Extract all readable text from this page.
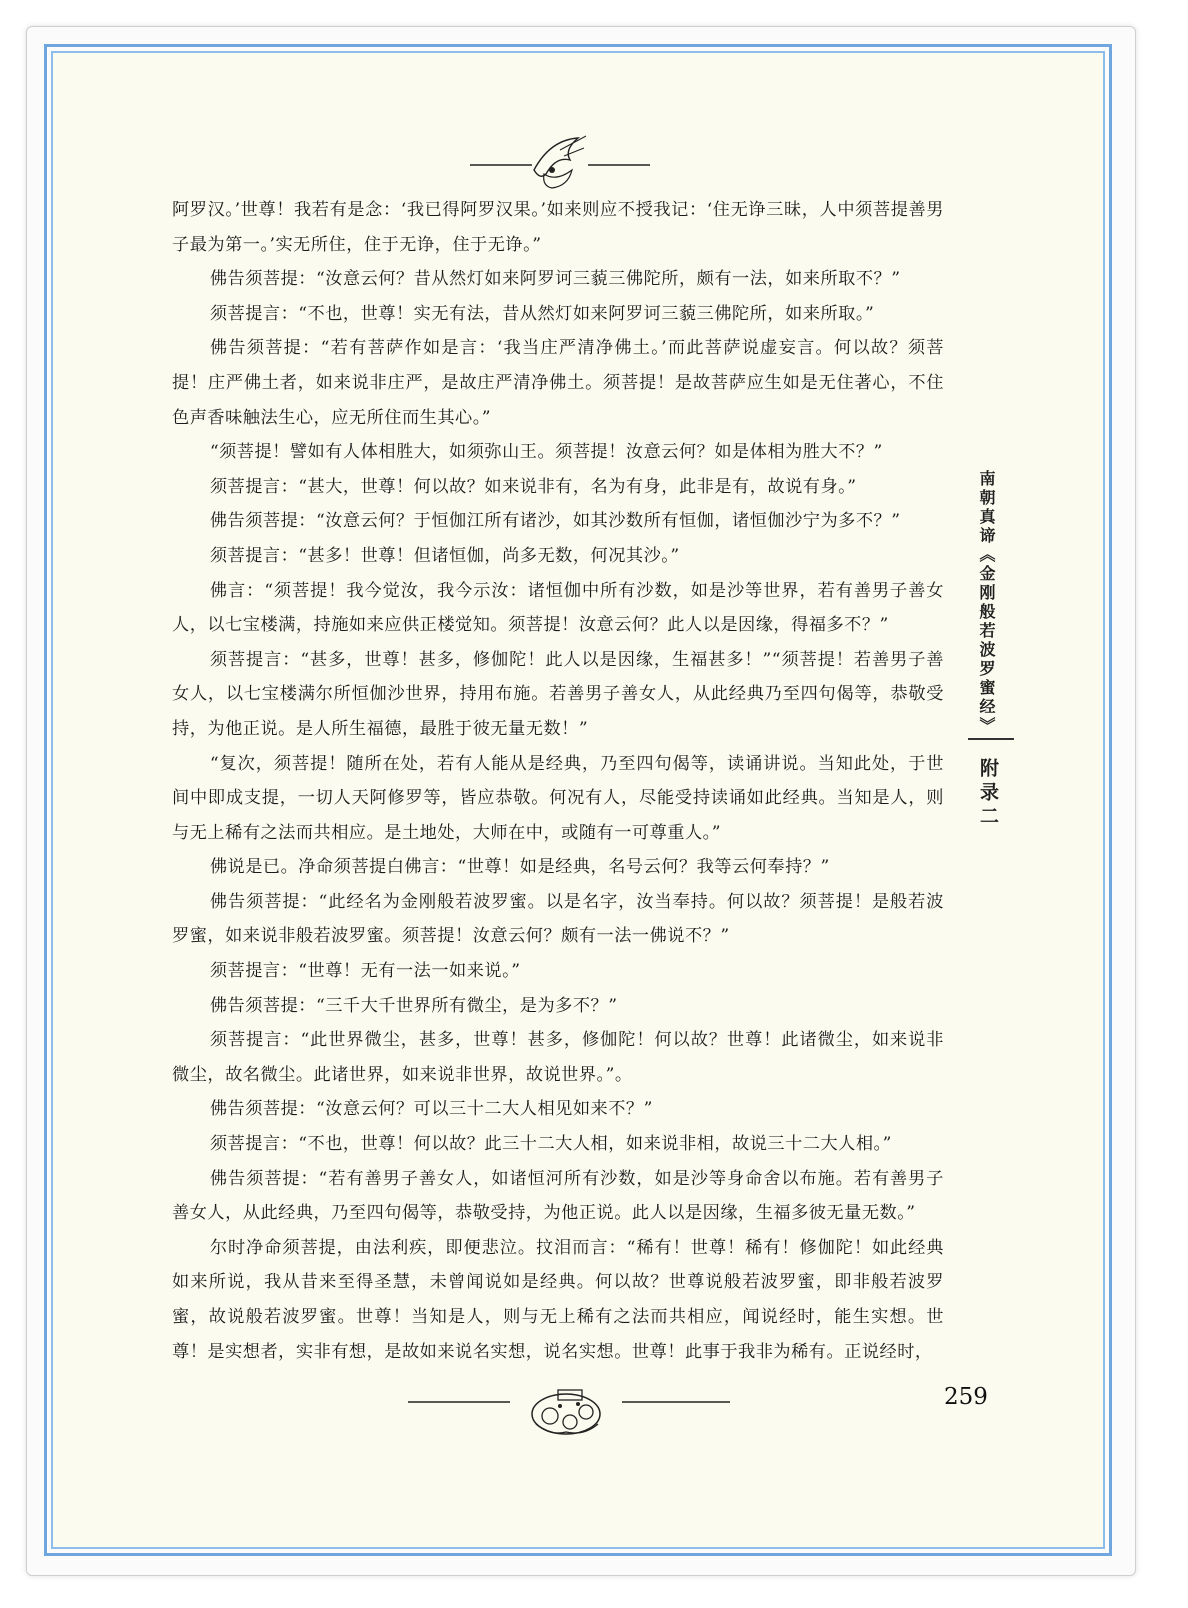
阿罗汉。’世尊！我若有是念：‘我已得阿罗汉果。’如来则应不授我记：‘住无诤三昧，人中须菩提善男子最为第一。’实无所住，住于无诤，住于无诤。”

佛告须菩提：“汝意云何？昔从然灯如来阿罗诃三藐三佛陀所，颇有一法，如来所取不？”

须菩提言：“不也，世尊！实无有法，昔从然灯如来阿罗诃三藐三佛陀所，如来所取。”

佛告须菩提：“若有菩萨作如是言：‘我当庄严清净佛土。’而此菩萨说虚妄言。何以故？须菩提！庄严佛土者，如来说非庄严，是故庄严清净佛土。须菩提！是故菩萨应生如是无住著心，不住色声香味触法生心，应无所住而生其心。”

“须菩提！譬如有人体相胜大，如须弥山王。须菩提！汝意云何？如是体相为胜大不？”

须菩提言：“甚大，世尊！何以故？如来说非有，名为有身，此非是有，故说有身。”

佛告须菩提：“汝意云何？于恒伽江所有诸沙，如其沙数所有恒伽，诸恒伽沙宁为多不？”

须菩提言：“甚多！世尊！但诸恒伽，尚多无数，何况其沙。”

佛言：“须菩提！我今觉汝，我今示汝：诸恒伽中所有沙数，如是沙等世界，若有善男子善女人，以七宝楼满，持施如来应供正楼觉知。须菩提！汝意云何？此人以是因缘，得福多不？”

须菩提言：“甚多，世尊！甚多，修伽陀！此人以是因缘，生福甚多！”“须菩提！若善男子善女人，以七宝楼满尔所恒伽沙世界，持用布施。若善男子善女人，从此经典乃至四句偈等，恭敬受持，为他正说。是人所生福德，最胜于彼无量无数！”

“复次，须菩提！随所在处，若有人能从是经典，乃至四句偈等，读诵讲说。当知此处，于世间中即成支提，一切人天阿修罗等，皆应恭敬。何况有人，尽能受持读诵如此经典。当知是人，则与无上稀有之法而共相应。是土地处，大师在中，或随有一可尊重人。”

佛说是已。净命须菩提白佛言：“世尊！如是经典，名号云何？我等云何奉持？”

佛告须菩提：“此经名为金刚般若波罗蜜。以是名字，汝当奉持。何以故？须菩提！是般若波罗蜜，如来说非般若波罗蜜。须菩提！汝意云何？颇有一法一佛说不？”

须菩提言：“世尊！无有一法一如来说。”

佛告须菩提：“三千大千世界所有微尘，是为多不？”

须菩提言：“此世界微尘，甚多，世尊！甚多，修伽陀！何以故？世尊！此诸微尘，如来说非微尘，故名微尘。此诸世界，如来说非世界，故说世界。”。

佛告须菩提：“汝意云何？可以三十二大人相见如来不？”

须菩提言：“不也，世尊！何以故？此三十二大人相，如来说非相，故说三十二大人相。”

佛告须菩提：“若有善男子善女人，如诸恒河所有沙数，如是沙等身命舍以布施。若有善男子善女人，从此经典，乃至四句偈等，恭敬受持，为他正说。此人以是因缘，生福多彼无量无数。”

尔时净命须菩提，由法利疾，即便悲泣。抆泪而言：“稀有！世尊！稀有！修伽陀！如此经典如来所说，我从昔来至得圣慧，未曾闻说如是经典。何以故？世尊说般若波罗蜜，即非般若波罗蜜，故说般若波罗蜜。世尊！当知是人，则与无上稀有之法而共相应，闻说经时，能生实想。世尊！是实想者，实非有想，是故如来说名实想，说名实想。世尊！此事于我非为稀有。正说经时，

南朝真谛《金刚般若波罗蜜经》
附录二
259
